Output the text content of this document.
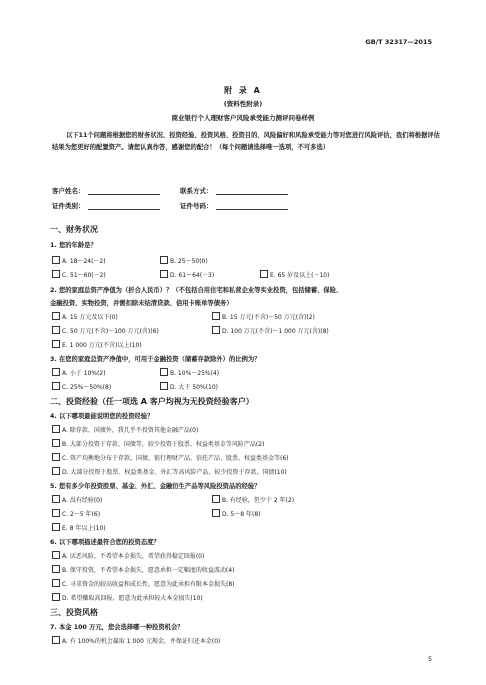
GB/T 32317—2015
附 录 A
(资料性附录)
商业银行个人理财客户风险承受能力测评问卷样例
以下11个问题将根据您的财务状况、投资经验、投资风格、投资目的、风险偏好和风险承受能力等对您进行风险评估，我们将根据评估结果为您更好的配置资产。请您认真作答，感谢您的配合！（每个问题请选择唯一选项，不可多选）
客户姓名：	联系方式：
证件类别：	证件号码：
一、财务状况
1. 您的年龄是？
A. 18～24(－2)	B. 25～50(0)
C. 51～60(－2)	D. 61～64(－3)	E. 65 岁及以上(－10)
2. 您的家庭总资产净值为（折合人民币）？（不包括自用住宅和私营企业等实业投资，包括储蓄、保险、
金融投资、实物投资，并需扣除未结清贷款、信用卡账单等债务）
A. 15 万元及以下(0)	B. 15 万元(不含)～50 万元(含)(2)
C. 50 万元(不含)～100 万元(含)(6)	D. 100 万元(不含)～1 000 万元(含)(8)
E. 1 000 万元(不含)以上(10)
3. 在您的家庭总资产净值中，可用于金融投资（储蓄存款除外）的比例为？
A. 小于 10%(2)	B. 10%～25%(4)
C. 25%～50%(8)	D. 大于 50%(10)
二、投资经验（任一项选 A 客户均视为无投资经验客户）
4. 以下哪项最能说明您的投资经验？
A. 除存款、国债外，我几乎不投资其他金融产品(0)
B. 大部分投资于存款、国债等，较少投资于股票、权益类基金等风险产品(2)
C. 资产均衡地分布于存款、国债、银行理财产品、信托产品、股票、权益类基金等(6)
D. 大部分投资于股票、权益类基金、外汇等高风险产品，较少投资于存款、国债(10)
5. 您有多少年投资股票、基金、外汇、金融衍生产品等风险投资品的经验？
A. 没有经验(0)	B. 有经验，但少于 2 年(2)
C. 2～5 年(6)	D. 5～8 年(8)
E. 8 年以上(10)
6. 以下哪项描述最符合您的投资态度？
A. 厌恶风险，不希望本金损失，希望获得稳定回报(0)
B. 保守投资，不希望本金损失，愿意承担一定幅度的收益波动(4)
C. 寻求资金的较高收益和成长性，愿意为此承担有限本金损失(8)
D. 希望赚取高回报，愿意为此承担较大本金损失(10)
三、投资风格
7. 本金 100 万元，您会选择哪一种投资机会？
A. 有 100%的机会赢取 1 000 元现金，并保证归还本金(0)
5
